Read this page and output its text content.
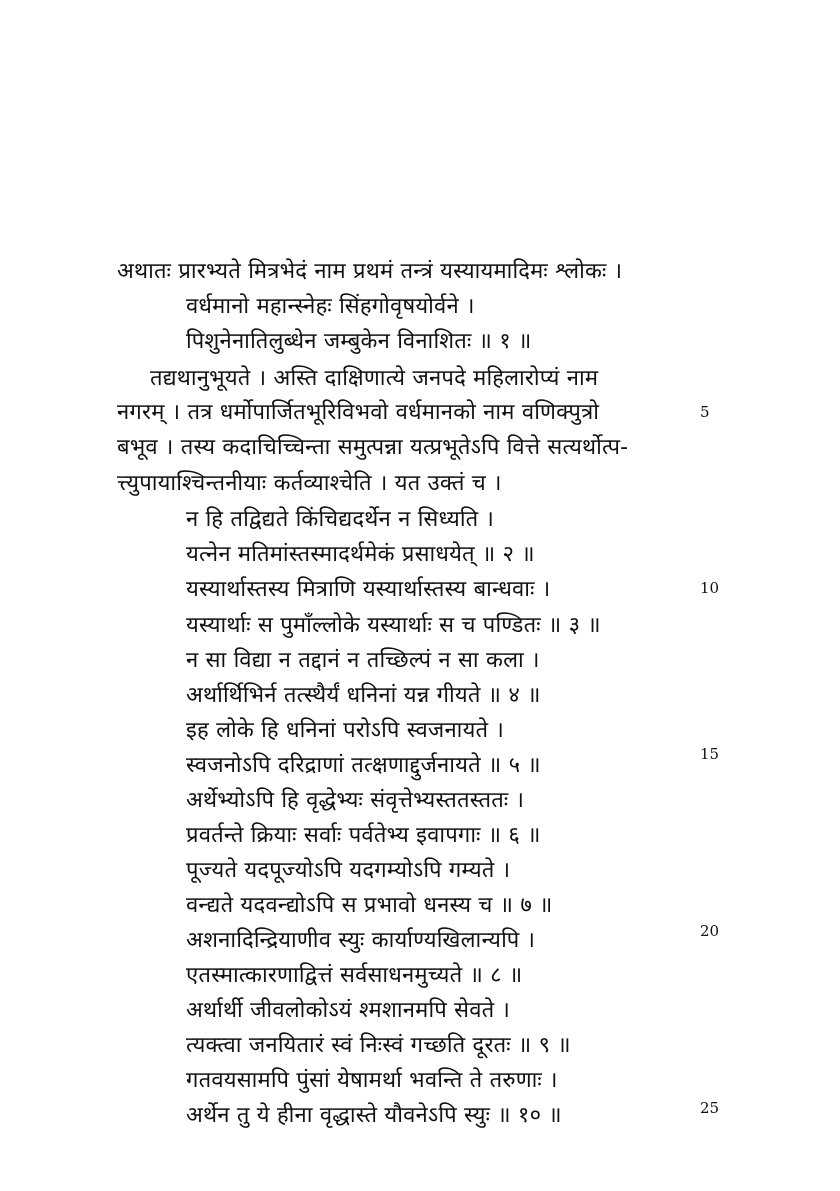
अथातः प्रारभ्यते मित्रभेदं नाम प्रथमं तन्त्रं यस्यायमादिमः श्लोकः ।
वर्धमानो महान्स्नेहः सिंहगोवृषयोर्वने ।
पिशुनेनातिलुब्धेन जम्बुकेन विनाशितः ॥ १ ॥
तद्यथानुभूयते । अस्ति दाक्षिणात्ये जनपदे महिलारोप्यं नाम
नगरम् । तत्र धर्मोपार्जितभूरिविभवो वर्धमानको नाम वणिक्पुत्रो
बभूव । तस्य कदाचिच्चिन्ता समुत्पन्ना यत्प्रभूतेऽपि वित्ते सत्यर्थोत्प-
त्त्युपायाश्चिन्तनीयाः कर्तव्याश्चेति । यत उक्तं च ।
न हि तद्विद्यते किंचिद्यदर्थेन न सिध्यति ।
यत्नेन मतिमांस्तस्मादर्थमेकं प्रसाधयेत् ॥ २ ॥
यस्यार्थास्तस्य मित्राणि यस्यार्थास्तस्य बान्धवाः ।
यस्यार्थाः स पुमाँल्लोके यस्यार्थाः स च पण्डितः ॥ ३ ॥
न सा विद्या न तद्दानं न तच्छिल्पं न सा कला ।
अर्थार्थिभिर्न तत्स्थैर्यं धनिनां यन्न गीयते ॥ ४ ॥
इह लोके हि धनिनां परोऽपि स्वजनायते ।
स्वजनोऽपि दरिद्राणां तत्क्षणाद्दुर्जनायते ॥ ५ ॥
अर्थेभ्योऽपि हि वृद्धेभ्यः संवृत्तेभ्यस्ततस्ततः ।
प्रवर्तन्ते क्रियाः सर्वाः पर्वतेभ्य इवापगाः ॥ ६ ॥
पूज्यते यदपूज्योऽपि यदगम्योऽपि गम्यते ।
वन्द्यते यदवन्द्योऽपि स प्रभावो धनस्य च ॥ ७ ॥
अशनादिन्द्रियाणीव स्युः कार्याण्यखिलान्यपि ।
एतस्मात्कारणाद्वित्तं सर्वसाधनमुच्यते ॥ ८ ॥
अर्थार्थी जीवलोकोऽयं श्मशानमपि सेवते ।
त्यक्त्वा जनयितारं स्वं निःस्वं गच्छति दूरतः ॥ ९ ॥
गतवयसामपि पुंसां येषामर्था भवन्ति ते तरुणाः ।
अर्थेन तु ये हीना वृद्धास्ते यौवनेऽपि स्युः ॥ १० ॥
5
10
15
20
25
